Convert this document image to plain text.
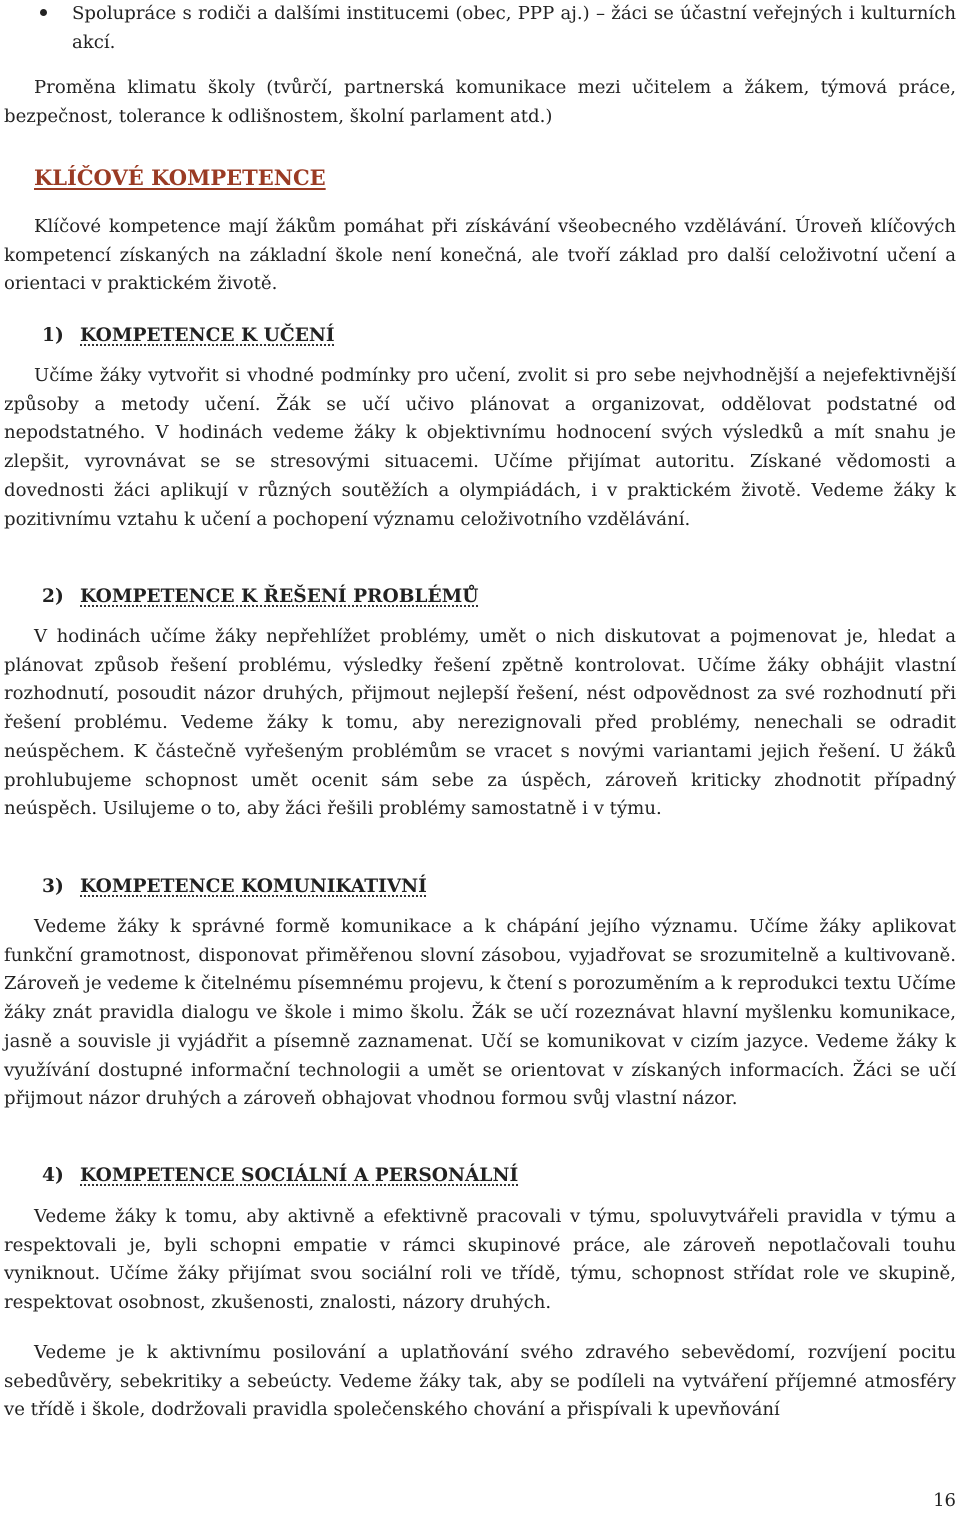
Spolupráce s rodiči a dalšími institucemi (obec, PPP aj.) – žáci se účastní veřejných i kulturních akcí.

Proměna klimatu školy (tvůrčí, partnerská komunikace mezi učitelem a žákem, týmová práce, bezpečnost, tolerance k odlišnostem, školní parlament atd.)

KLÍČOVÉ KOMPETENCE

Klíčové kompetence mají žákům pomáhat při získávání všeobecného vzdělávání. Úroveň klíčových kompetencí získaných na základní škole není konečná, ale tvoří základ pro další celoživotní učení a orientaci v praktickém životě.

1) KOMPETENCE K UČENÍ

Učíme žáky vytvořit si vhodné podmínky pro učení, zvolit si pro sebe nejvhodnější a nejefektivnější způsoby a metody učení. Žák se učí učivo plánovat a organizovat, oddělovat podstatné od nepodstatného. V hodinách vedeme žáky k objektivnímu hodnocení svých výsledků a mít snahu je zlepšit, vyrovnávat se se stresovými situacemi. Učíme přijímat autoritu. Získané vědomosti a dovednosti žáci aplikují v různých soutěžích a olympiádách, i v praktickém životě. Vedeme žáky k pozitivnímu vztahu k učení a pochopení významu celoživotního vzdělávání.

2) KOMPETENCE K ŘEŠENÍ PROBLÉMŮ

V hodinách učíme žáky nepřehlížet problémy, umět o nich diskutovat a pojmenovat je, hledat a plánovat způsob řešení problému, výsledky řešení zpětně kontrolovat. Učíme žáky obhájit vlastní rozhodnutí, posoudit názor druhých, přijmout nejlepší řešení, nést odpovědnost za své rozhodnutí při řešení problému. Vedeme žáky k tomu, aby nerezignovali před problémy, nenechali se odradit neúspěchem. K částečně vyřešeným problémům se vracet s novými variantami jejich řešení. U žáků prohlubujeme schopnost umět ocenit sám sebe za úspěch, zároveň kriticky zhodnotit případný neúspěch. Usilujeme o to, aby žáci řešili problémy samostatně i v týmu.

3) KOMPETENCE KOMUNIKATIVNÍ

Vedeme žáky k správné formě komunikace a k chápání jejího významu. Učíme žáky aplikovat funkční gramotnost, disponovat přiměřenou slovní zásobou, vyjadřovat se srozumitelně a kultivovaně. Zároveň je vedeme k čitelnému písemnému projevu, k čtení s porozuměním a k reprodukci textu Učíme žáky znát pravidla dialogu ve škole i mimo školu. Žák se učí rozeznávat hlavní myšlenku komunikace, jasně a souvisle ji vyjádřit a písemně zaznamenat. Učí se komunikovat v cizím jazyce. Vedeme žáky k využívání dostupné informační technologii a umět se orientovat v získaných informacích. Žáci se učí přijmout názor druhých a zároveň obhajovat vhodnou formou svůj vlastní názor.

4) KOMPETENCE SOCIÁLNÍ A PERSONÁLNÍ

Vedeme žáky k tomu, aby aktivně a efektivně pracovali v týmu, spoluvytvářeli pravidla v týmu a respektovali je, byli schopni empatie v rámci skupinové práce, ale zároveň nepotlačovali touhu vyniknout. Učíme žáky přijímat svou sociální roli ve třídě, týmu, schopnost střídat role ve skupině, respektovat osobnost, zkušenosti, znalosti, názory druhých.

Vedeme je k aktivnímu posilování a uplatňování svého zdravého sebevědomí, rozvíjení pocitu sebedůvěry, sebekritiky a sebeúcty. Vedeme žáky tak, aby se podíleli na vytváření příjemné atmosféry ve třídě i škole, dodržovali pravidla společenského chování a přispívali k upevňování

16
